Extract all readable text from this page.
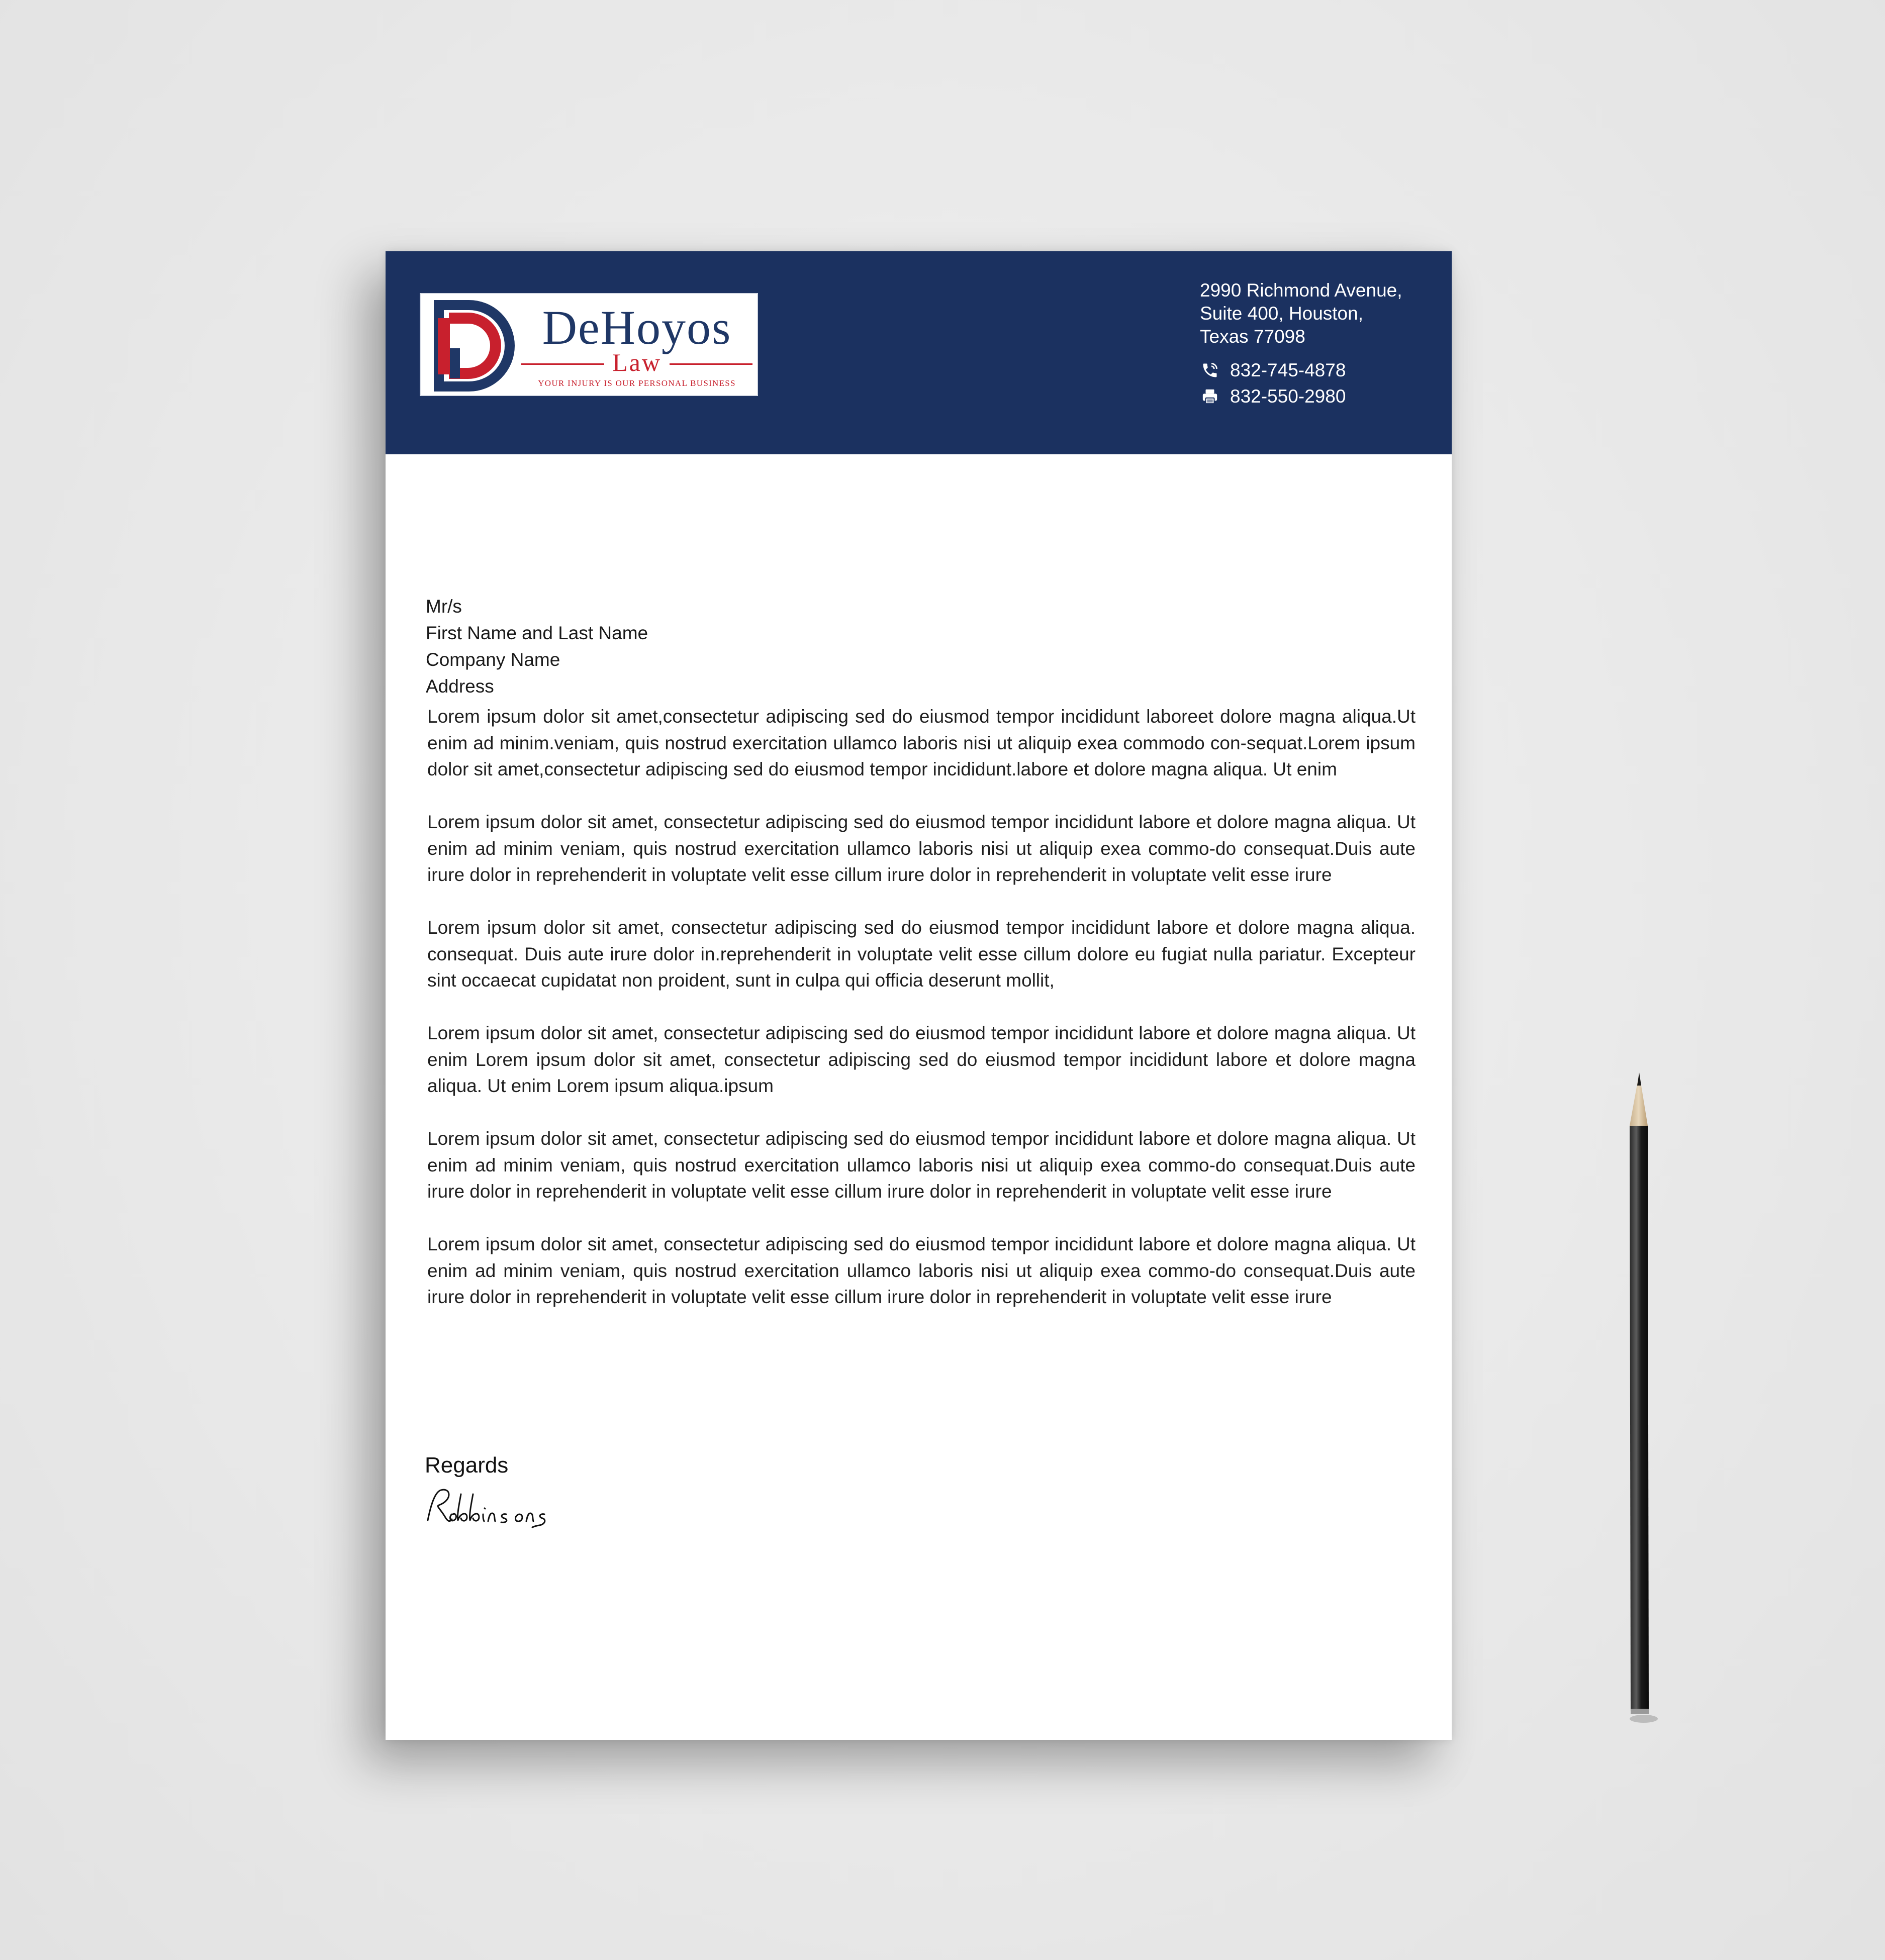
DeHoyos
Law
YOUR INJURY IS OUR PERSONAL BUSINESS
2990 Richmond Avenue,
Suite 400, Houston,
Texas 77098
832-745-4878
832-550-2980
Mr/s
First Name and Last Name
Company Name
Address

Lorem ipsum dolor sit amet,consectetur adipiscing sed do eiusmod tempor incididunt laboreet dolore magna aliqua.Ut enim ad minim.veniam, quis nostrud exercitation ullamco laboris nisi ut aliquip exea commodo con-sequat.Lorem ipsum dolor sit amet,consectetur adipiscing sed do eiusmod tempor incididunt.labore et dolore magna aliqua. Ut enim

Lorem ipsum dolor sit amet, consectetur adipiscing sed do eiusmod tempor incididunt labore et dolore magna aliqua. Ut enim ad minim veniam, quis nostrud exercitation ullamco laboris nisi ut aliquip exea commo-do consequat.Duis aute irure dolor in reprehenderit in voluptate velit esse cillum irure dolor in reprehenderit in voluptate velit esse irure

Lorem ipsum dolor sit amet, consectetur adipiscing sed do eiusmod tempor incididunt labore et dolore magna aliqua. consequat. Duis aute irure dolor in.reprehenderit in voluptate velit esse cillum dolore eu fugiat nulla pariatur. Excepteur sint occaecat cupidatat non proident, sunt in culpa qui officia deserunt mollit,

Lorem ipsum dolor sit amet, consectetur adipiscing sed do eiusmod tempor incididunt labore et dolore magna aliqua. Ut enim Lorem ipsum dolor sit amet, consectetur adipiscing sed do eiusmod tempor incididunt labore et dolore magna aliqua. Ut enim Lorem ipsum aliqua.ipsum

Lorem ipsum dolor sit amet, consectetur adipiscing sed do eiusmod tempor incididunt labore et dolore magna aliqua. Ut enim ad minim veniam, quis nostrud exercitation ullamco laboris nisi ut aliquip exea commo-do consequat.Duis aute irure dolor in reprehenderit in voluptate velit esse cillum irure dolor in reprehenderit in voluptate velit esse irure

Lorem ipsum dolor sit amet, consectetur adipiscing sed do eiusmod tempor incididunt labore et dolore magna aliqua. Ut enim ad minim veniam, quis nostrud exercitation ullamco laboris nisi ut aliquip exea commo-do consequat.Duis aute irure dolor in reprehenderit in voluptate velit esse cillum irure dolor in reprehenderit in voluptate velit esse irure

Regards
